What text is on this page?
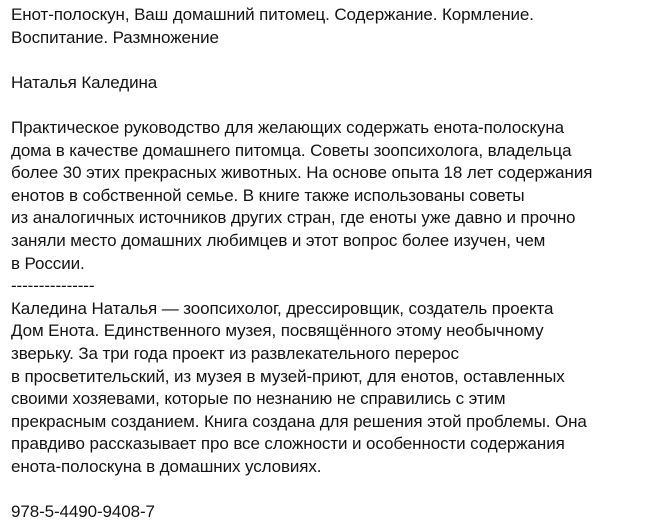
Енот-полоскун, Ваш домашний питомец. Содержание. Кормление.
Воспитание. Размножение
Наталья Каледина
Практическое руководство для желающих содержать енота-полоскуна
дома в качестве домашнего питомца. Советы зоопсихолога, владельца
более 30 этих прекрасных животных. На основе опыта 18 лет содержания
енотов в собственной семье. В книге также использованы советы
из аналогичных источников других стран, где еноты уже давно и прочно
заняли место домашних любимцев и этот вопрос более изучен, чем
в России.
---------------
Каледина Наталья — зоопсихолог, дрессировщик, создатель проекта
Дом Енота. Единственного музея, посвящённого этому необычному
зверьку. За три года проект из развлекательного перерос
в просветительский, из музея в музей-приют, для енотов, оставленных
своими хозяевами, которые по незнанию не справились с этим
прекрасным созданием. Книга создана для решения этой проблемы. Она
правдиво рассказывает про все сложности и особенности содержания
енота-полоскуна в домашних условиях.
978-5-4490-9408-7
